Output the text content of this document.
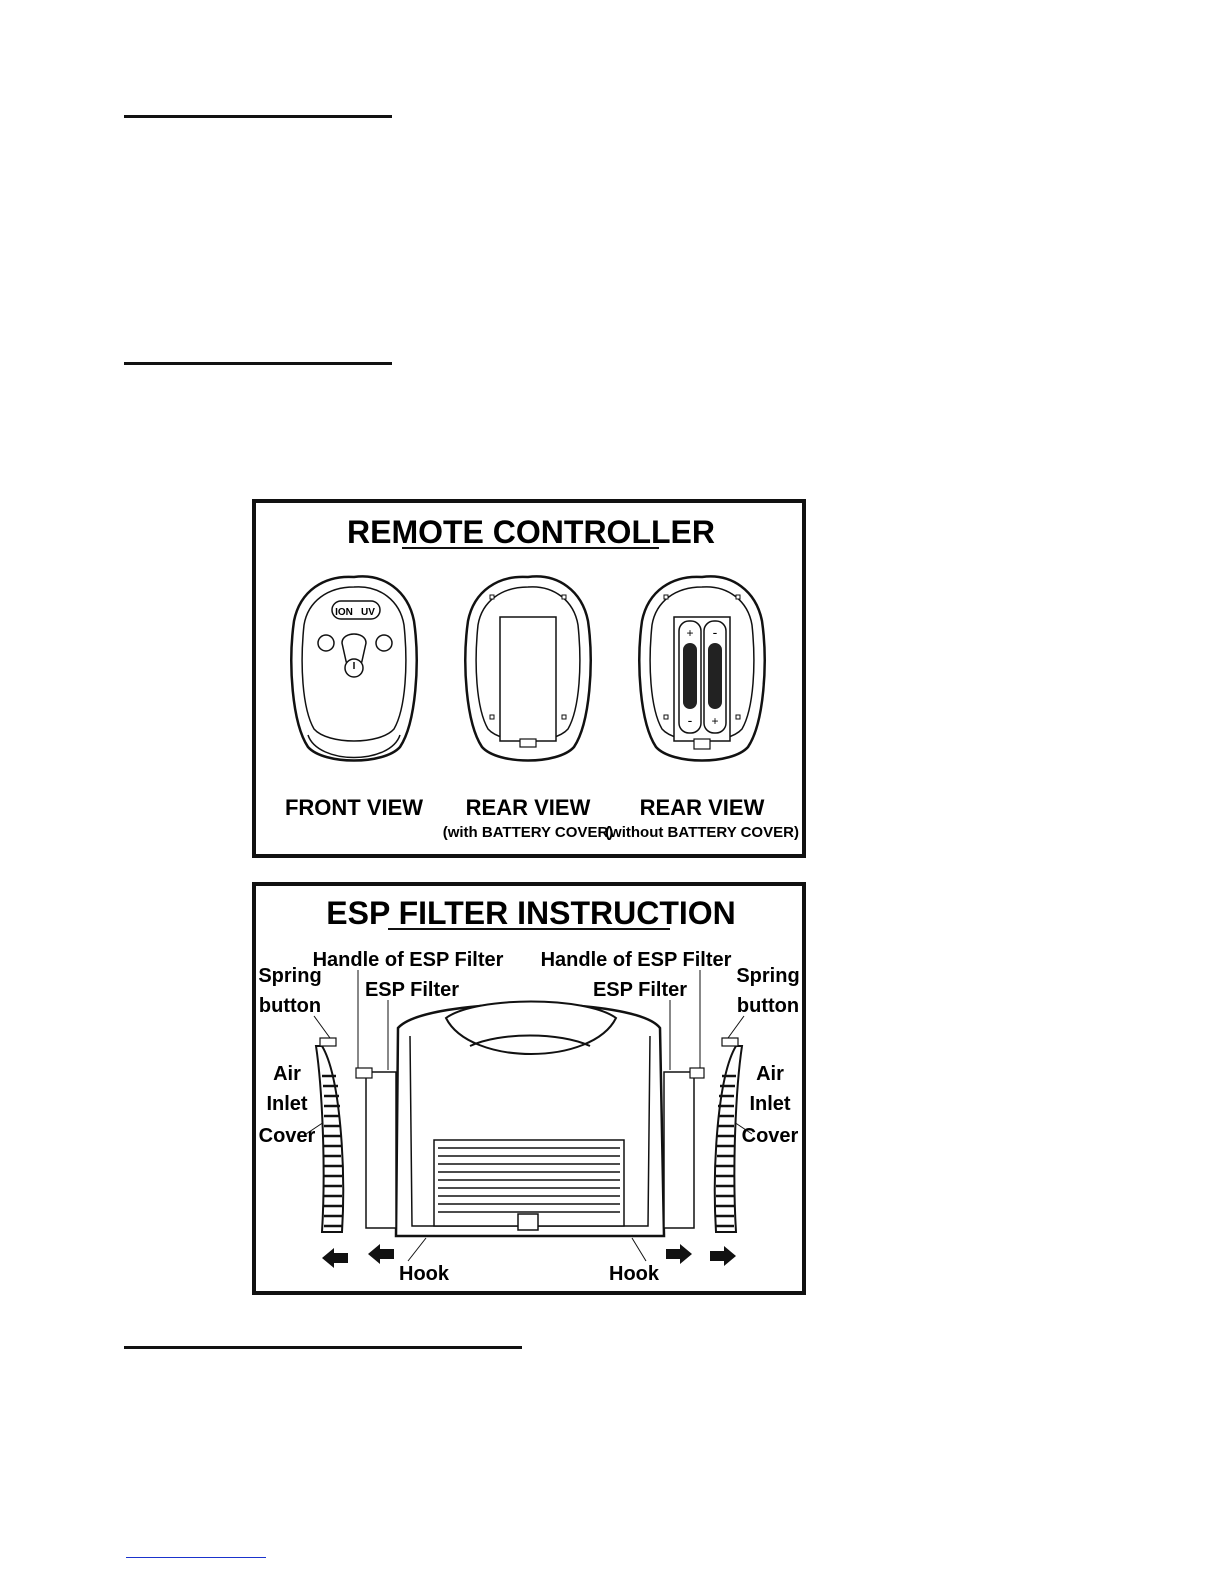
REMOTE CONTROLLER
ION UV
FRONT VIEW REAR VIEW
(with BATTERY COVER)
+
-
-
+
REAR VIEW
(without BATTERY COVER)
ESP FILTER INSTRUCTION
Handle of ESP Filter
ESP Filter
Spring
button
Air
Inlet
Cover
Hook
Handle of ESP Filter
ESP Filter
Spring
button
Air
Inlet
Cover
Hook
